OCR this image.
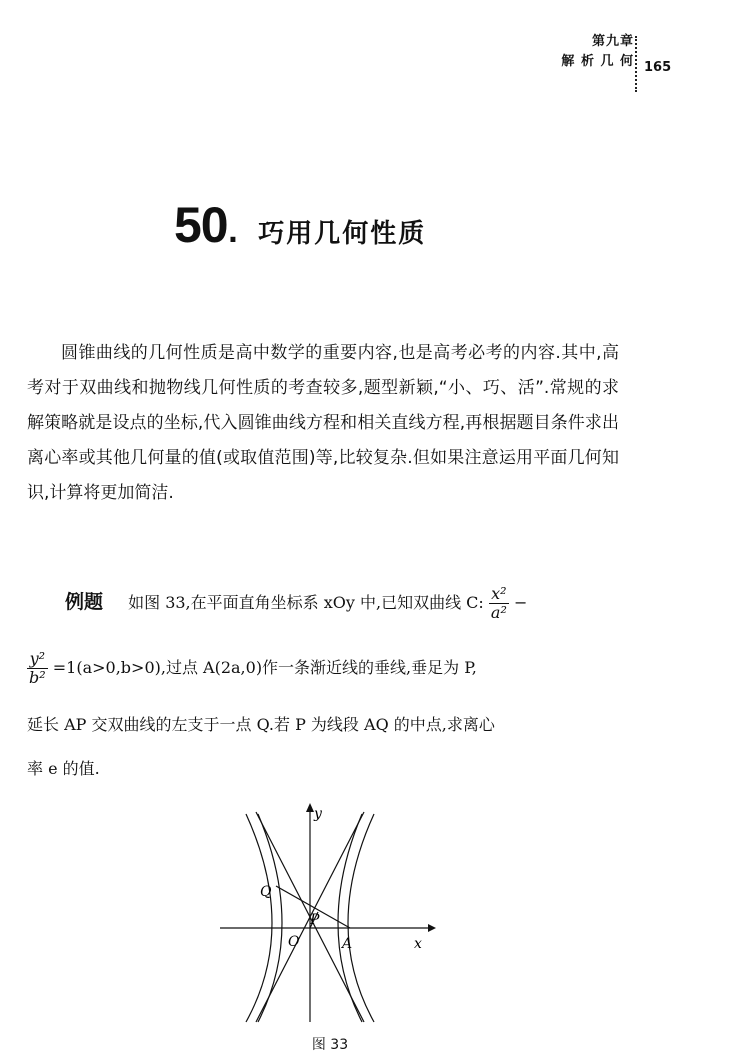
第九章
解 析 几 何 165
50 . 巧用几何性质

圆锥曲线的几何性质是高中数学的重要内容,也是高考必考的内容.其中,高考对于双曲线和抛物线几何性质的考查较多,题型新颖,“小、巧、活”.常规的求解策略就是设点的坐标,代入圆锥曲线方程和相关直线方程,再根据题目条件求出离心率或其他几何量的值(或取值范围)等,比较复杂.但如果注意运用平面几何知识,计算将更加简洁.

例题 如图 33,在平面直角坐标系 xOy 中,已知双曲线 C: $\frac{\text{x²}}{\text{a²}}$ −
$\frac{\text{y²}}{\text{b²}} =1(a>0,b>0)$,过点 A(2a,0)作一条渐近线的垂线,垂足为 P,
延长 AP 交双曲线的左支于一点 Q.若 P 为线段 AQ 的中点,求离心
率 e 的值.
y
x
O	A
P
Q
图 33
